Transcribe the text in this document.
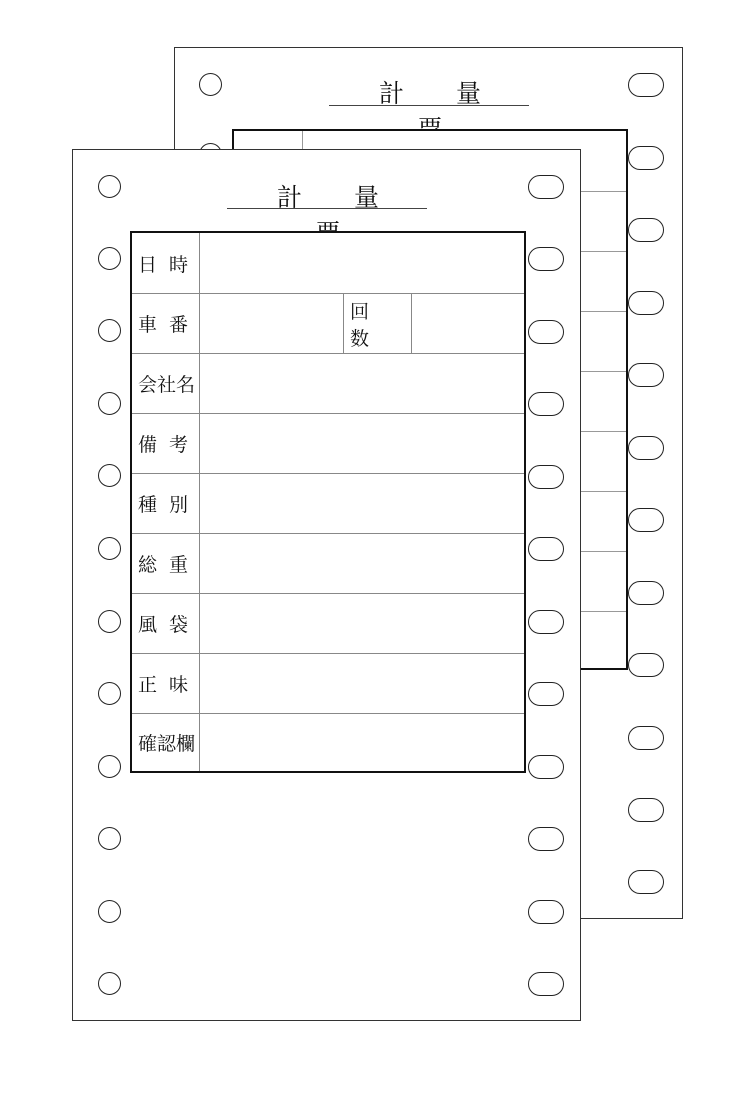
計 量
計 量
日時
車番
回数
会社名
備考
種別
総重
風袋
正味
確認欄
